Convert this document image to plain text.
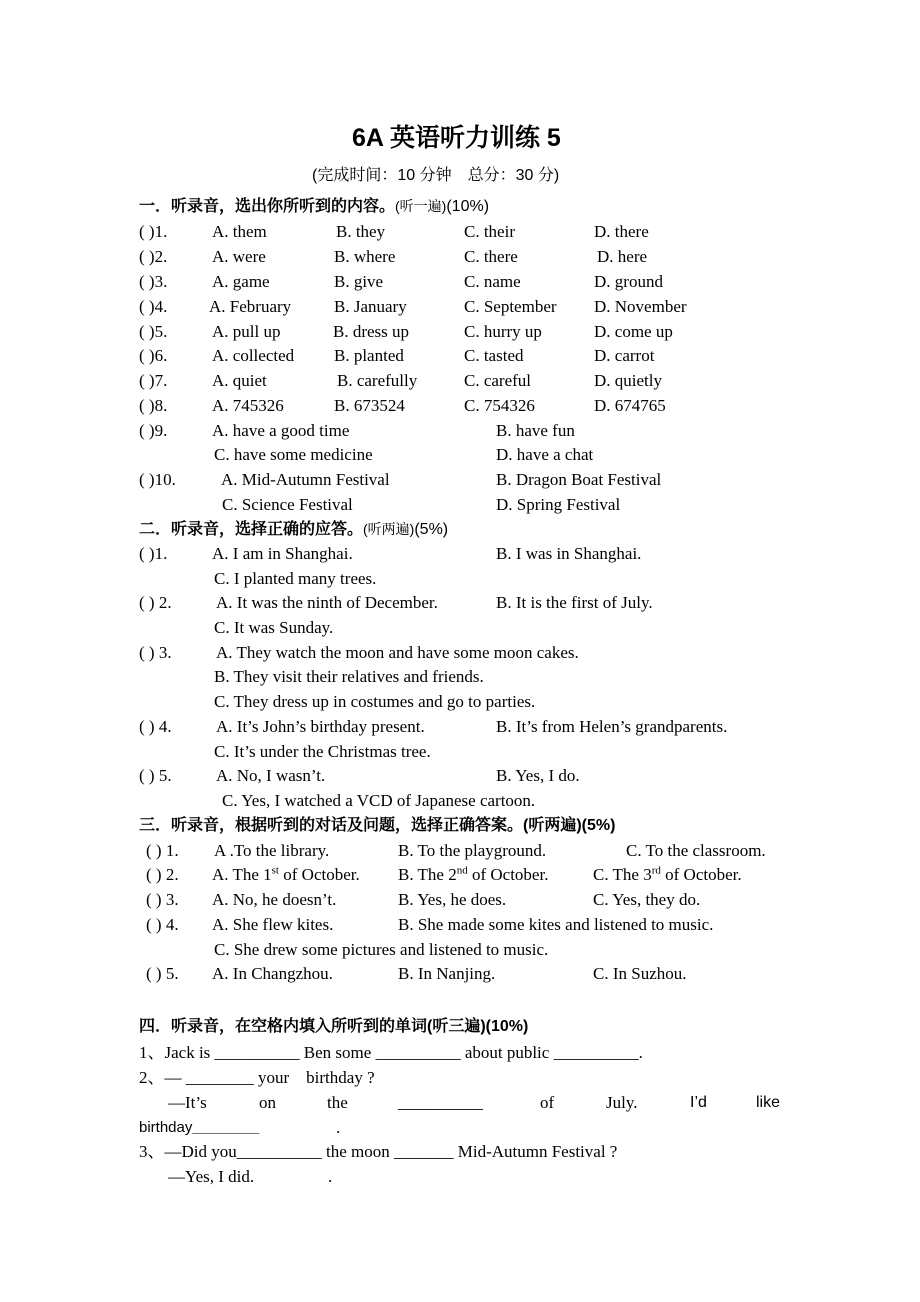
6A 英语听力训练 5
(完成时间：10 分钟　总分：30 分)
一．听录音，选出你所听到的内容。(听一遍)(10%)
( )1.	A. them	B. they	C. their	D. there
( )2.	A. were	B. where	C. there	D. here
( )3.	A. game	B. give	C. name	D. ground
( )4. A. February	B. January	C. September D. November
( )5.	A. pull up	B. dress up	C. hurry up	D. come up
( )6.	A. collected B. planted	C. tasted	D. carrot
( )7.	A. quiet	B. carefully	C. careful	D. quietly
( )8.	A. 745326	B. 673524	C. 754326	D. 674765
( )9.	A. have a good time	B. have fun
C. have some medicine	D. have a chat
( )10.	A. Mid-Autumn Festival	B. Dragon Boat Festival
C. Science Festival	D. Spring Festival
二．听录音，选择正确的应答。(听两遍)(5%)
( )1.	A. I am in Shanghai.	B. I was in Shanghai.
C. I planted many trees.
( ) 2.	A. It was the ninth of December.	B. It is the first of July.
C. It was Sunday.
( ) 3.	A. They watch the moon and have some moon cakes.
B. They visit their relatives and friends.
C. They dress up in costumes and go to parties.
( ) 4.	A. It’s John’s birthday present.	B. It’s from Helen’s grandparents.
C. It’s under the Christmas tree.
( ) 5.	A. No, I wasn’t.	B. Yes, I do.
C. Yes, I watched a VCD of Japanese cartoon.
三．听录音，根据听到的对话及问题，选择正确答案。(听两遍)(5%)
( ) 1. A .To the library.	B. To the playground.	C. To the classroom.
( ) 2. A. The 1st of October. B. The 2nd of October.	C. The 3rd of October.
( ) 3. A. No, he doesn’t.	B. Yes, he does.	C. Yes, they do.
( ) 4. A. She flew kites.	B. She made some kites and listened to music.
C. She drew some pictures and listened to music.
( ) 5. A. In Changzhou.	B. In Nanjing.	C. In Suzhou.
四．听录音，在空格内填入所听到的单词(听三遍)(10%)
1、Jack is __________ Ben some __________ about public __________.
2、— ________ your　birthday ?
—It’s	on	the	__________	of	July.	I’d	like
birthday________	.
3、—Did you__________ the moon _______ Mid-Autumn Festival ?
—Yes, I did.	.
